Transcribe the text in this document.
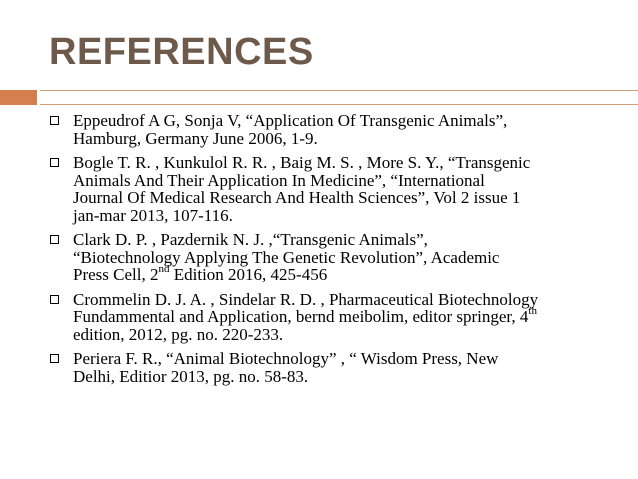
REFERENCES
Eppeudrof A G, Sonja V, “Application Of Transgenic Animals”,
Hamburg, Germany June 2006, 1-9.
Bogle T. R. , Kunkulol R. R. , Baig M. S. , More S. Y., “Transgenic
Animals And Their Application In Medicine”, “International
Journal Of Medical Research And Health Sciences”, Vol 2 issue 1
jan-mar 2013, 107-116.
Clark D. P. , Pazdernik N. J. ,“Transgenic Animals”,
“Biotechnology Applying The Genetic Revolution”, Academic
Press Cell, 2nd Edition 2016, 425-456
Crommelin D. J. A. , Sindelar R. D. , Pharmaceutical Biotechnology
Fundammental and Application, bernd meibolim, editor springer, 4th
edition, 2012, pg. no. 220-233.
Periera F. R., “Animal Biotechnology” , “ Wisdom Press, New
Delhi, Editior 2013, pg. no. 58-83.
